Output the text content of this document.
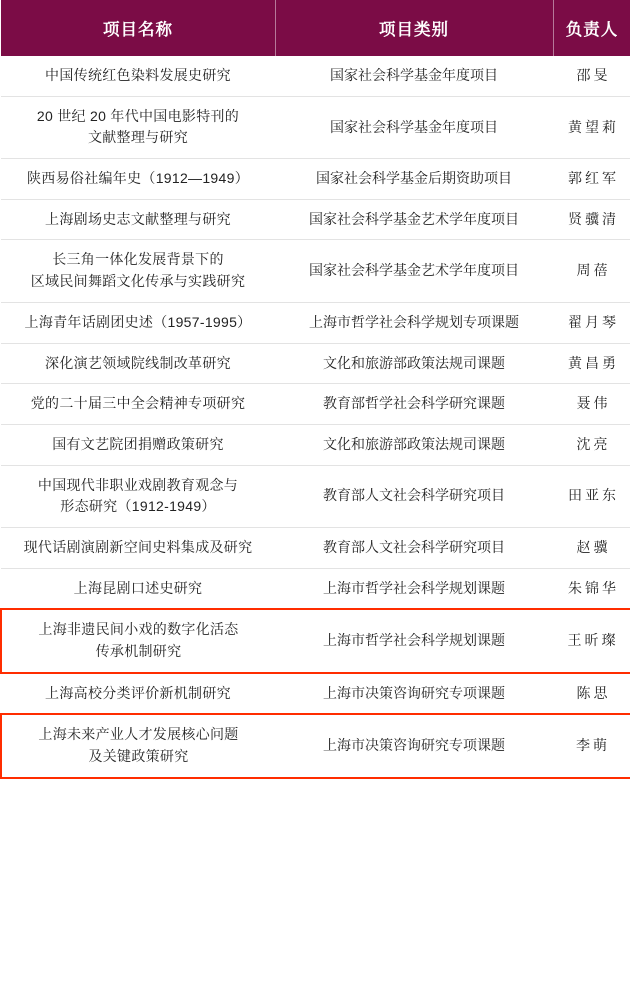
项目名称	项目类别	负责人

中国传统红色染料发展史研究	国家社会科学基金年度项目	邵旻

20 世纪 20 年代中国电影特刊的
文献整理与研究	国家社会科学基金年度项目	黄望莉

陕西易俗社编年史（1912—1949）	国家社会科学基金后期资助项目	郭红军

上海剧场史志文献整理与研究	国家社会科学基金艺术学年度项目	贤骥清

长三角一体化发展背景下的
区域民间舞蹈文化传承与实践研究	国家社会科学基金艺术学年度项目	周蓓

上海青年话剧团史述（1957-1995）	上海市哲学社会科学规划专项课题	翟月琴

深化演艺领域院线制改革研究	文化和旅游部政策法规司课题	黄昌勇

党的二十届三中全会精神专项研究	教育部哲学社会科学研究课题	聂伟

国有文艺院团捐赠政策研究	文化和旅游部政策法规司课题	沈亮

中国现代非职业戏剧教育观念与
形态研究（1912-1949）	教育部人文社会科学研究项目	田亚东

现代话剧演剧新空间史料集成及研究	教育部人文社会科学研究项目	赵骥

上海昆剧口述史研究	上海市哲学社会科学规划课题	朱锦华

上海非遗民间小戏的数字化活态
传承机制研究	上海市哲学社会科学规划课题	王昕璨

上海高校分类评价新机制研究	上海市决策咨询研究专项课题	陈思

上海未来产业人才发展核心问题
及关键政策研究	上海市决策咨询研究专项课题	李萌
